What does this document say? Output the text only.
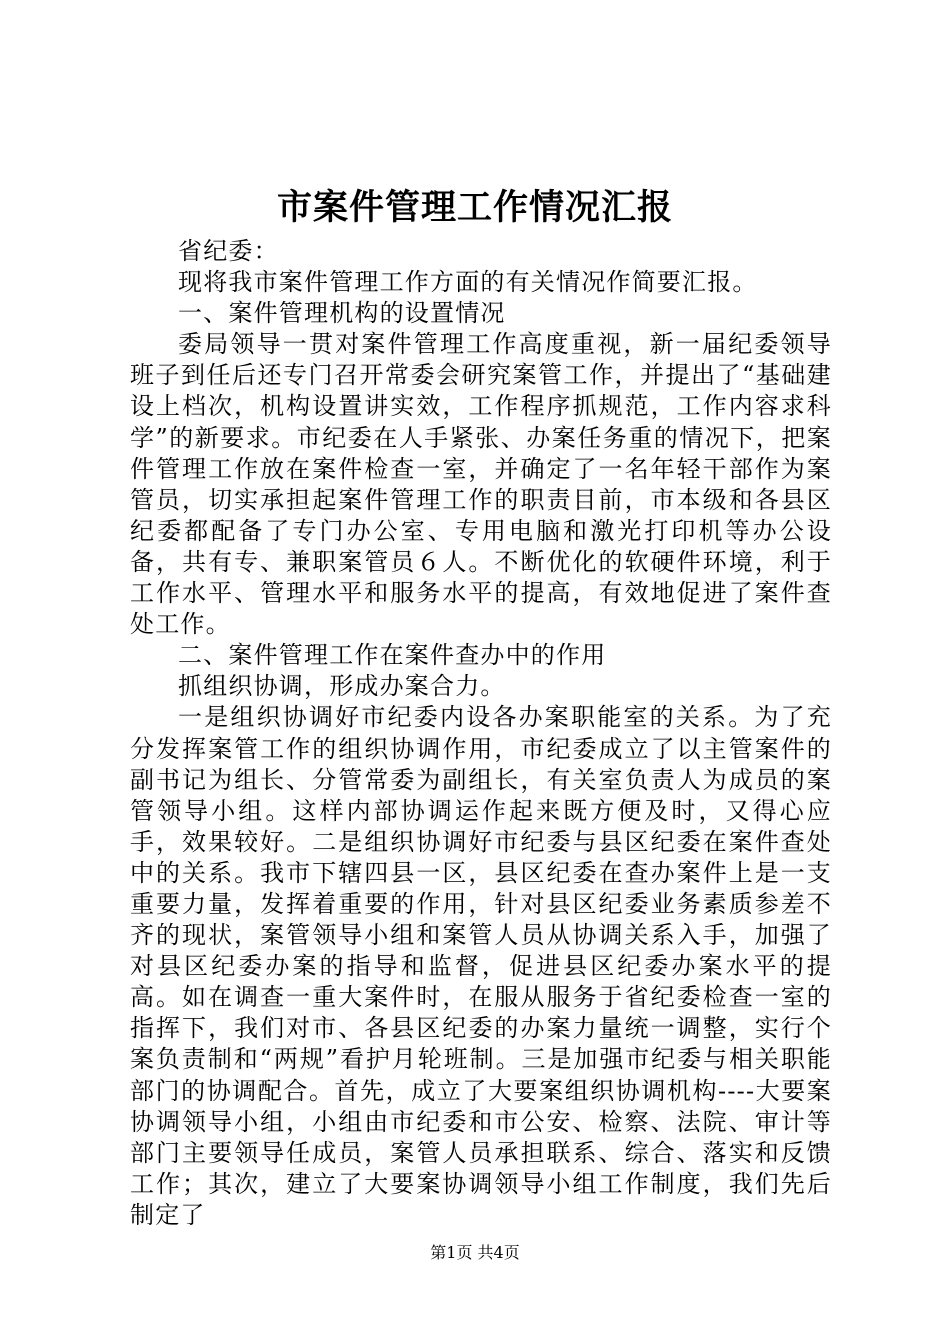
市案件管理工作情况汇报

省纪委：

现将我市案件管理工作方面的有关情况作简要汇报。

一、案件管理机构的设置情况

委局领导一贯对案件管理工作高度重视，新一届纪委领导班子到任后还专门召开常委会研究案管工作，并提出了“基础建设上档次，机构设置讲实效，工作程序抓规范，工作内容求科学”的新要求。市纪委在人手紧张、办案任务重的情况下，把案件管理工作放在案件检查一室，并确定了一名年轻干部作为案管员，切实承担起案件管理工作的职责目前，市本级和各县区纪委都配备了专门办公室、专用电脑和激光打印机等办公设备，共有专、兼职案管员６人。不断优化的软硬件环境，利于工作水平、管理水平和服务水平的提高，有效地促进了案件查处工作。

二、案件管理工作在案件查办中的作用

抓组织协调，形成办案合力。

一是组织协调好市纪委内设各办案职能室的关系。为了充分发挥案管工作的组织协调作用，市纪委成立了以主管案件的副书记为组长、分管常委为副组长，有关室负责人为成员的案管领导小组。这样内部协调运作起来既方便及时，又得心应手，效果较好。二是组织协调好市纪委与县区纪委在案件查处中的关系。我市下辖四县一区，县区纪委在查办案件上是一支重要力量，发挥着重要的作用，针对县区纪委业务素质参差不齐的现状，案管领导小组和案管人员从协调关系入手，加强了对县区纪委办案的指导和监督，促进县区纪委办案水平的提高。如在调查一重大案件时，在服从服务于省纪委检查一室的指挥下，我们对市、各县区纪委的办案力量统一调整，实行个案负责制和“两规”看护月轮班制。三是加强市纪委与相关职能部门的协调配合。首先，成立了大要案组织协调机构----大要案协调领导小组，小组由市纪委和市公安、检察、法院、审计等部门主要领导任成员，案管人员承担联系、综合、落实和反馈工作；其次，建立了大要案协调领导小组工作制度，我们先后制定了

第1页 共4页
